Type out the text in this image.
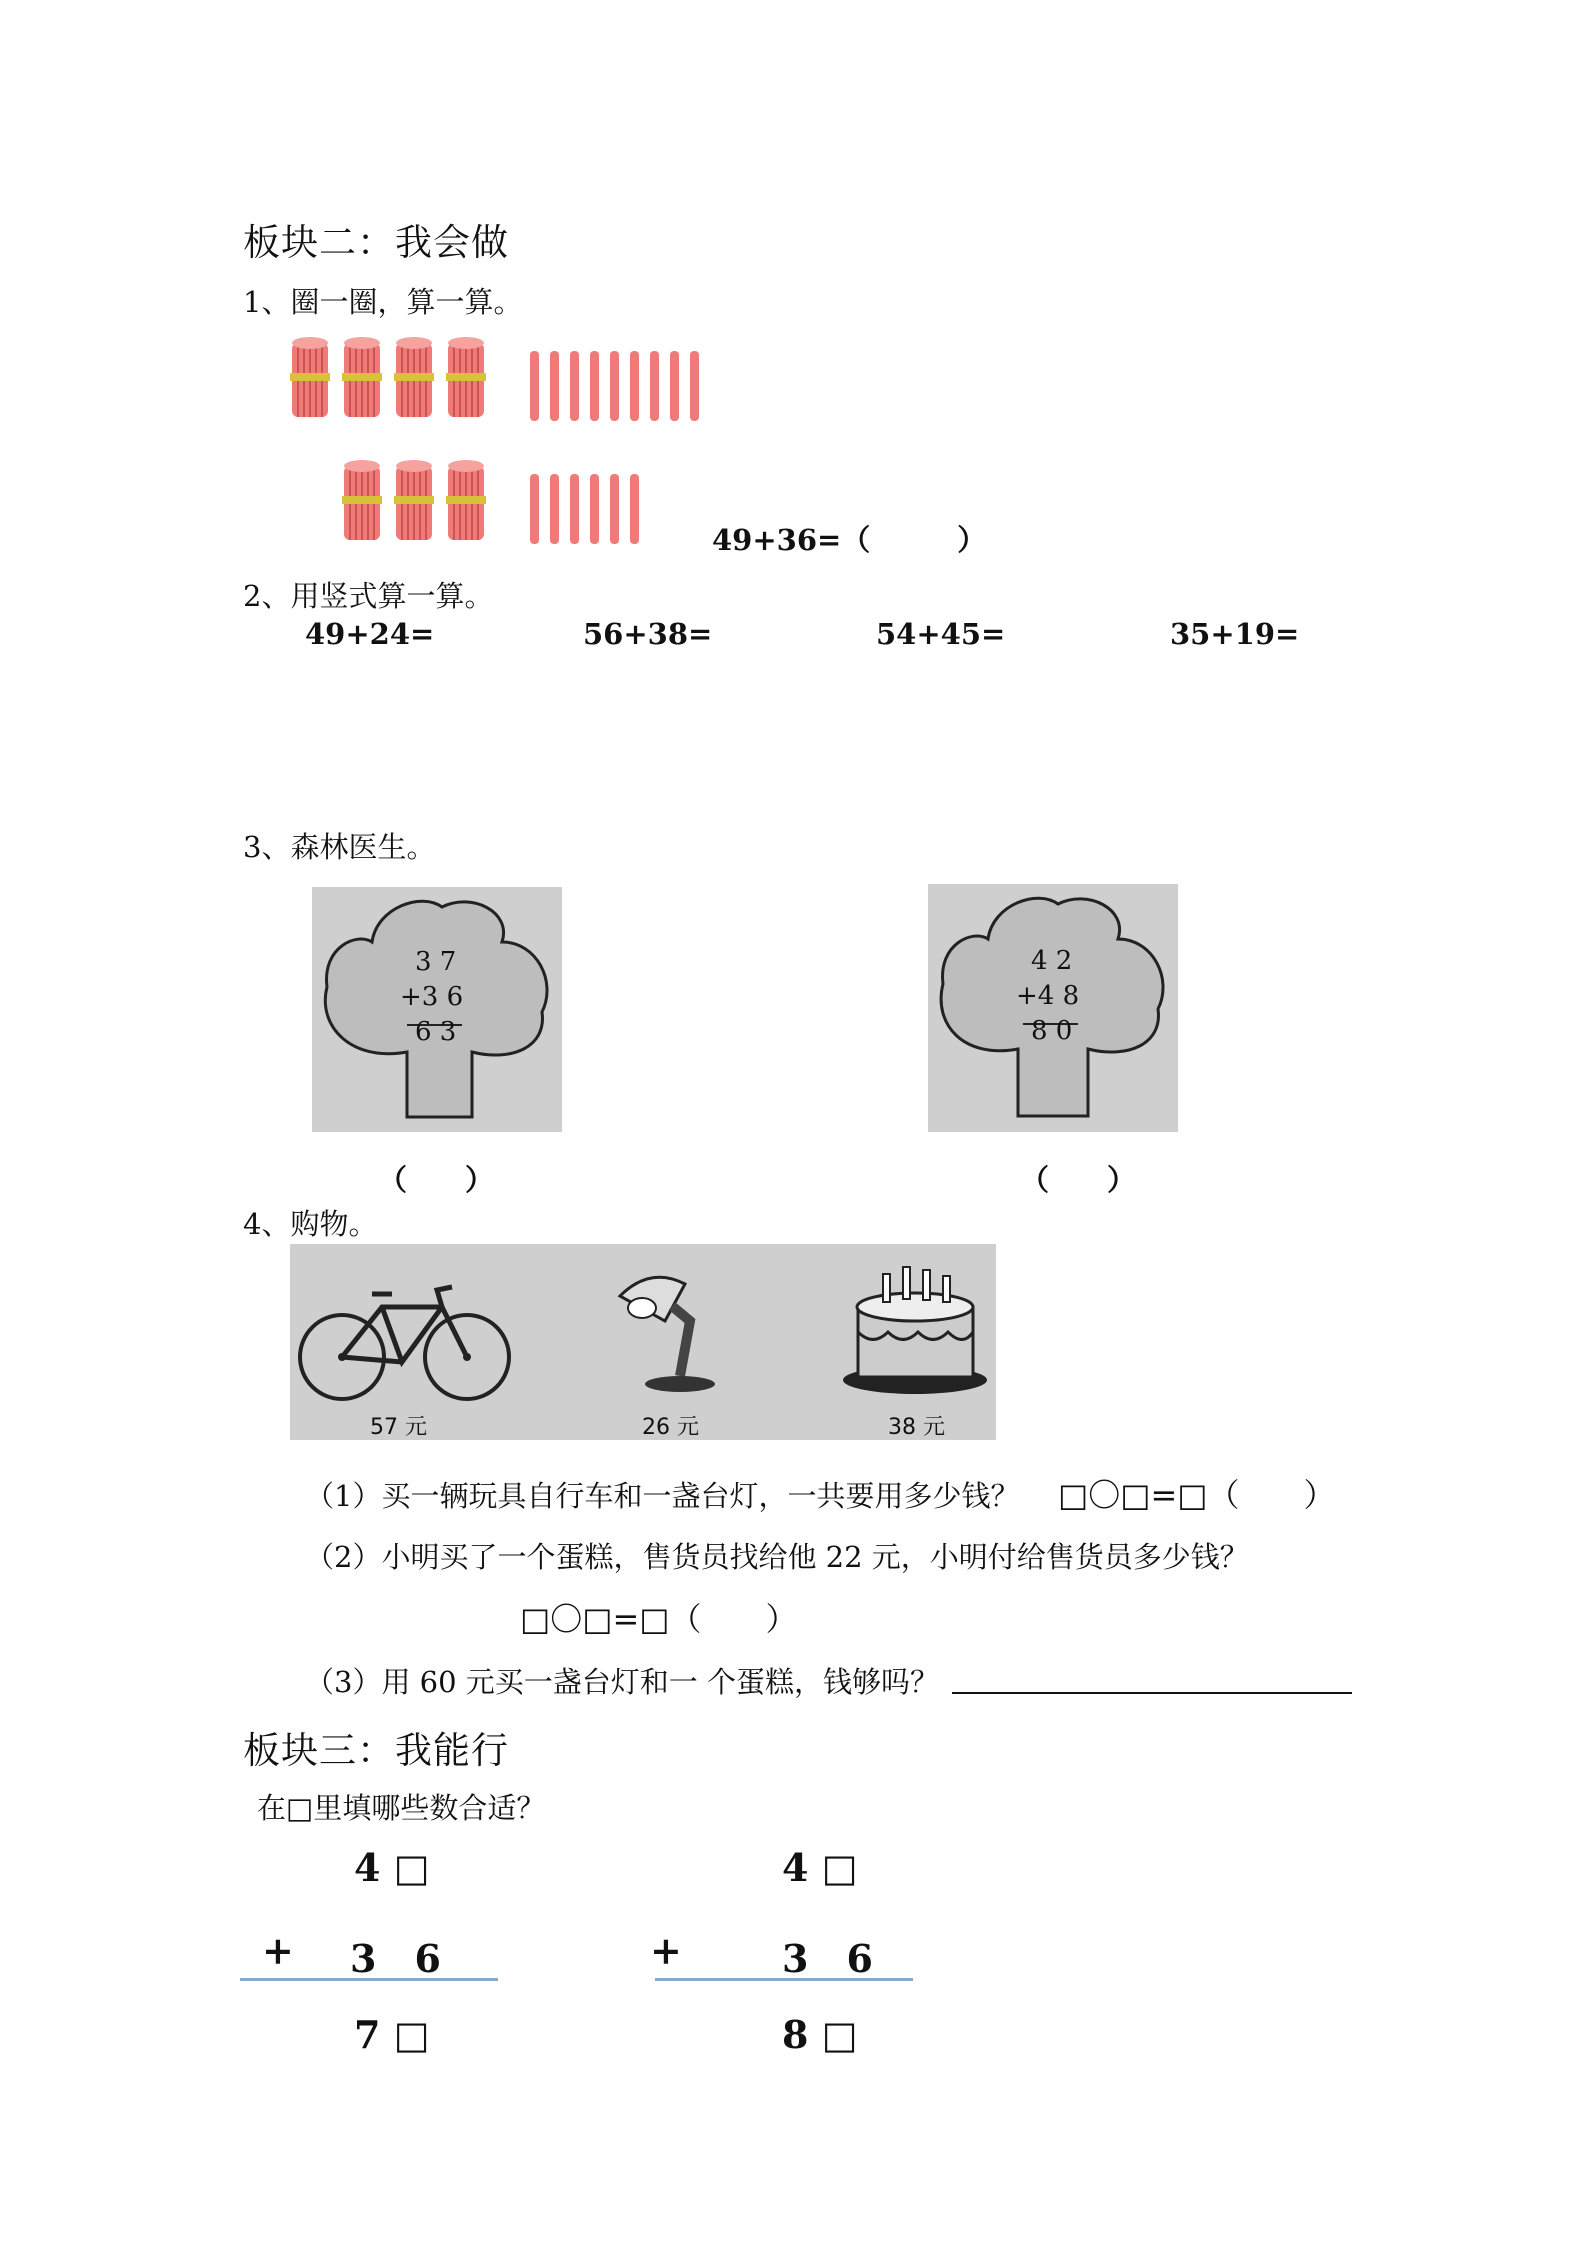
板块二：我会做
1、圈一圈，算一算。
49+36=（　　　）
2、用竖式算一算。
49+24=	56+38=	54+45=	35+19=
3、森林医生。
3 7
+3 6
6 3
（　　）
4 2
+4 8
8 0
（　　）
4、购物。
57 元	26 元	38 元
（1）买一辆玩具自行车和一盏台灯，一共要用多少钱？ □〇□=□（　　）
（2）小明买了一个蛋糕，售货员找给他 22 元，小明付给售货员多少钱？
□〇□=□（　　）
（3）用 60 元买一盏台灯和一 个蛋糕，钱够吗？
板块三：我能行
在□里填哪些数合适？
4 □
+ 3　6
7 □
4 □
+	3　6
8 □
